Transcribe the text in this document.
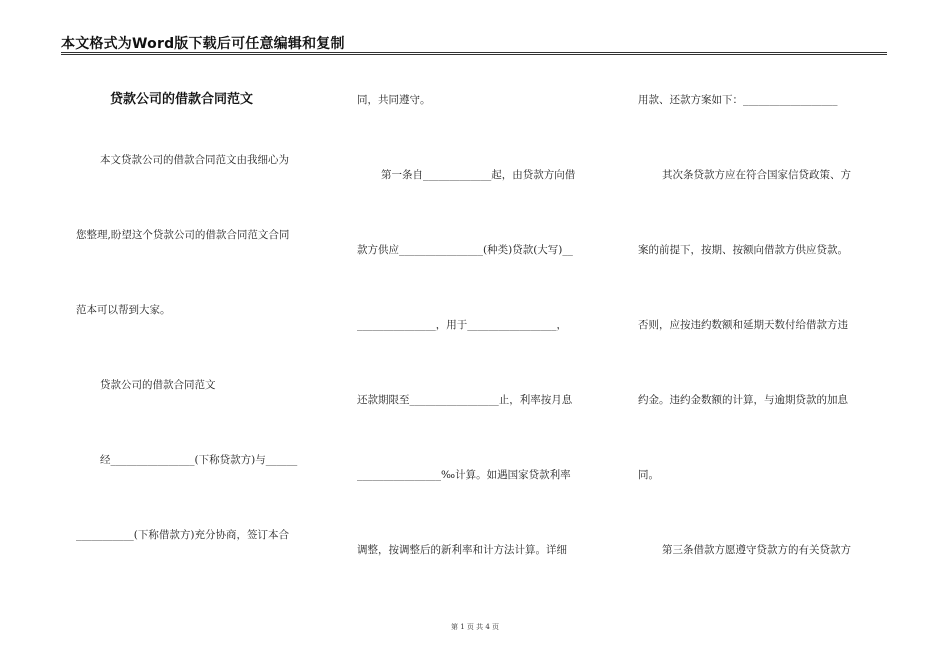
本文格式为Word版下载后可任意编辑和复制
贷款公司的借款合同范文
本文贷款公司的借款合同范文由我细心为
您整理,盼望这个贷款公司的借款合同范文合同
范本可以帮到大家。
贷款公司的借款合同范文
经________________(下称贷款方)与______
___________(下称借款方)充分协商，签订本合
同，共同遵守。
第一条自_____________起，由贷款方向借
款方供应________________(种类)贷款(大写)__
_______________，用于_________________，
还款期限至_________________止，利率按月息
________________‰计算。如遇国家贷款利率
调整，按调整后的新利率和计方法计算。详细
用款、还款方案如下：__________________
其次条贷款方应在符合国家信贷政策、方
案的前提下，按期、按额向借款方供应贷款。
否则，应按违约数额和延期天数付给借款方违
约金。违约金数额的计算，与逾期贷款的加息
同。
第三条借款方愿遵守贷款方的有关贷款方
第 1 页 共 4 页
